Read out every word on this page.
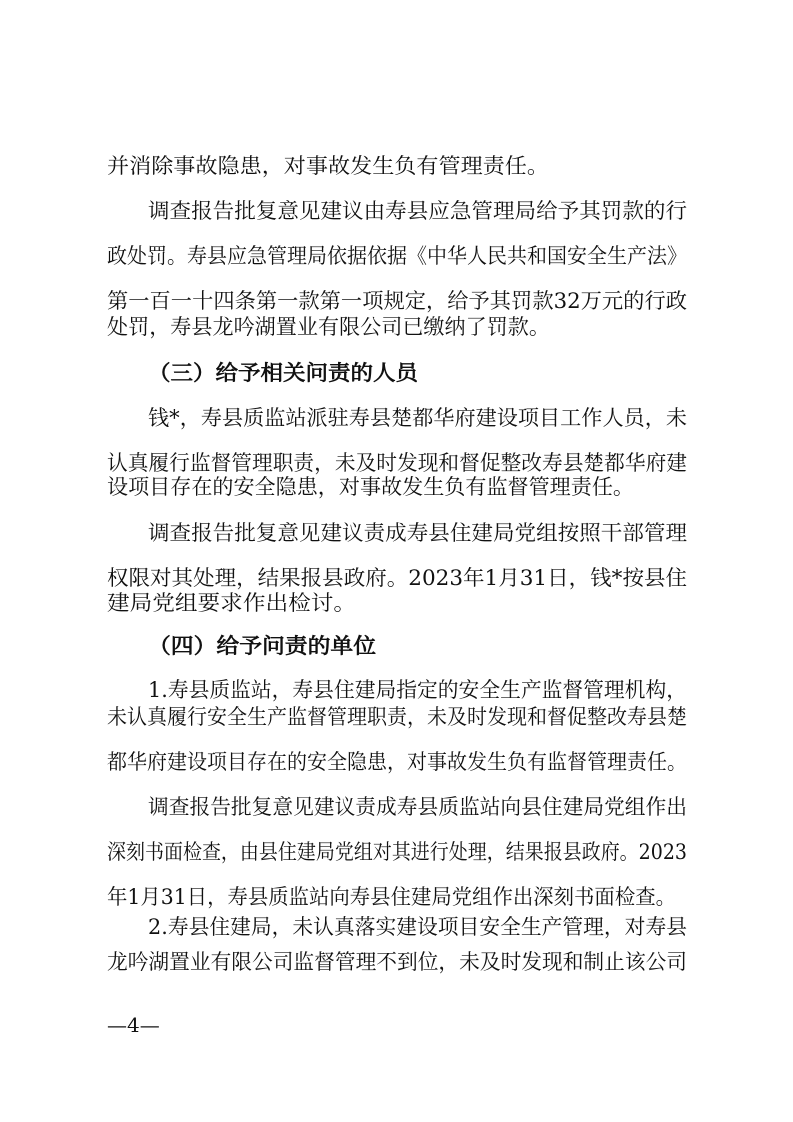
并消除事故隐患，对事故发生负有管理责任。
调查报告批复意见建议由寿县应急管理局给予其罚款的行
政处罚。寿县应急管理局依据依据《中华人民共和国安全生产法》
第一百一十四条第一款第一项规定，给予其罚款32万元的行政
处罚，寿县龙吟湖置业有限公司已缴纳了罚款。
（三）给予相关问责的人员
钱*，寿县质监站派驻寿县楚都华府建设项目工作人员，未
认真履行监督管理职责，未及时发现和督促整改寿县楚都华府建
设项目存在的安全隐患，对事故发生负有监督管理责任。
调查报告批复意见建议责成寿县住建局党组按照干部管理
权限对其处理，结果报县政府。2023年1月31日，钱*按县住
建局党组要求作出检讨。
（四）给予问责的单位
1.寿县质监站，寿县住建局指定的安全生产监督管理机构，
未认真履行安全生产监督管理职责，未及时发现和督促整改寿县楚
都华府建设项目存在的安全隐患，对事故发生负有监督管理责任。
调查报告批复意见建议责成寿县质监站向县住建局党组作出
深刻书面检查，由县住建局党组对其进行处理，结果报县政府。2023
年1月31日，寿县质监站向寿县住建局党组作出深刻书面检查。
2.寿县住建局，未认真落实建设项目安全生产管理，对寿县
龙吟湖置业有限公司监督管理不到位，未及时发现和制止该公司
—4—
